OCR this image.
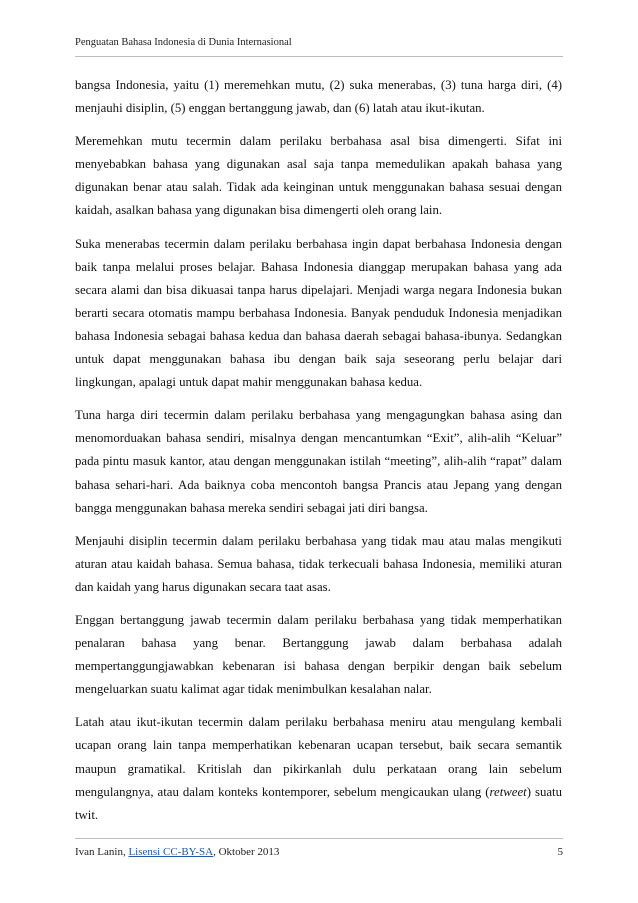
Penguatan Bahasa Indonesia di Dunia Internasional

bangsa Indonesia, yaitu (1) meremehkan mutu, (2) suka menerabas, (3) tuna harga diri, (4) menjauhi disiplin, (5) enggan bertanggung jawab, dan (6) latah atau ikut-ikutan.

Meremehkan mutu tecermin dalam perilaku berbahasa asal bisa dimengerti. Sifat ini menyebabkan bahasa yang digunakan asal saja tanpa memedulikan apakah bahasa yang digunakan benar atau salah. Tidak ada keinginan untuk menggunakan bahasa sesuai dengan kaidah, asalkan bahasa yang digunakan bisa dimengerti oleh orang lain.

Suka menerabas tecermin dalam perilaku berbahasa ingin dapat berbahasa Indonesia dengan baik tanpa melalui proses belajar. Bahasa Indonesia dianggap merupakan bahasa yang ada secara alami dan bisa dikuasai tanpa harus dipelajari. Menjadi warga negara Indonesia bukan berarti secara otomatis mampu berbahasa Indonesia. Banyak penduduk Indonesia menjadikan bahasa Indonesia sebagai bahasa kedua dan bahasa daerah sebagai bahasa-ibunya. Sedangkan untuk dapat menggunakan bahasa ibu dengan baik saja seseorang perlu belajar dari lingkungan, apalagi untuk dapat mahir menggunakan bahasa kedua.

Tuna harga diri tecermin dalam perilaku berbahasa yang mengagungkan bahasa asing dan menomorduakan bahasa sendiri, misalnya dengan mencantumkan “Exit”, alih-alih “Keluar” pada pintu masuk kantor, atau dengan menggunakan istilah “meeting”, alih-alih “rapat” dalam bahasa sehari-hari. Ada baiknya coba mencontoh bangsa Prancis atau Jepang yang dengan bangga menggunakan bahasa mereka sendiri sebagai jati diri bangsa.

Menjauhi disiplin tecermin dalam perilaku berbahasa yang tidak mau atau malas mengikuti aturan atau kaidah bahasa. Semua bahasa, tidak terkecuali bahasa Indonesia, memiliki aturan dan kaidah yang harus digunakan secara taat asas.

Enggan bertanggung jawab tecermin dalam perilaku berbahasa yang tidak memperhatikan penalaran bahasa yang benar. Bertanggung jawab dalam berbahasa adalah mempertanggungjawabkan kebenaran isi bahasa dengan berpikir dengan baik sebelum mengeluarkan suatu kalimat agar tidak menimbulkan kesalahan nalar.

Latah atau ikut-ikutan tecermin dalam perilaku berbahasa meniru atau mengulang kembali ucapan orang lain tanpa memperhatikan kebenaran ucapan tersebut, baik secara semantik maupun gramatikal. Kritislah dan pikirkanlah dulu perkataan orang lain sebelum mengulangnya, atau dalam konteks kontemporer, sebelum mengicaukan ulang (retweet) suatu twit.

Ivan Lanin, Lisensi CC-BY-SA, Oktober 2013	5
